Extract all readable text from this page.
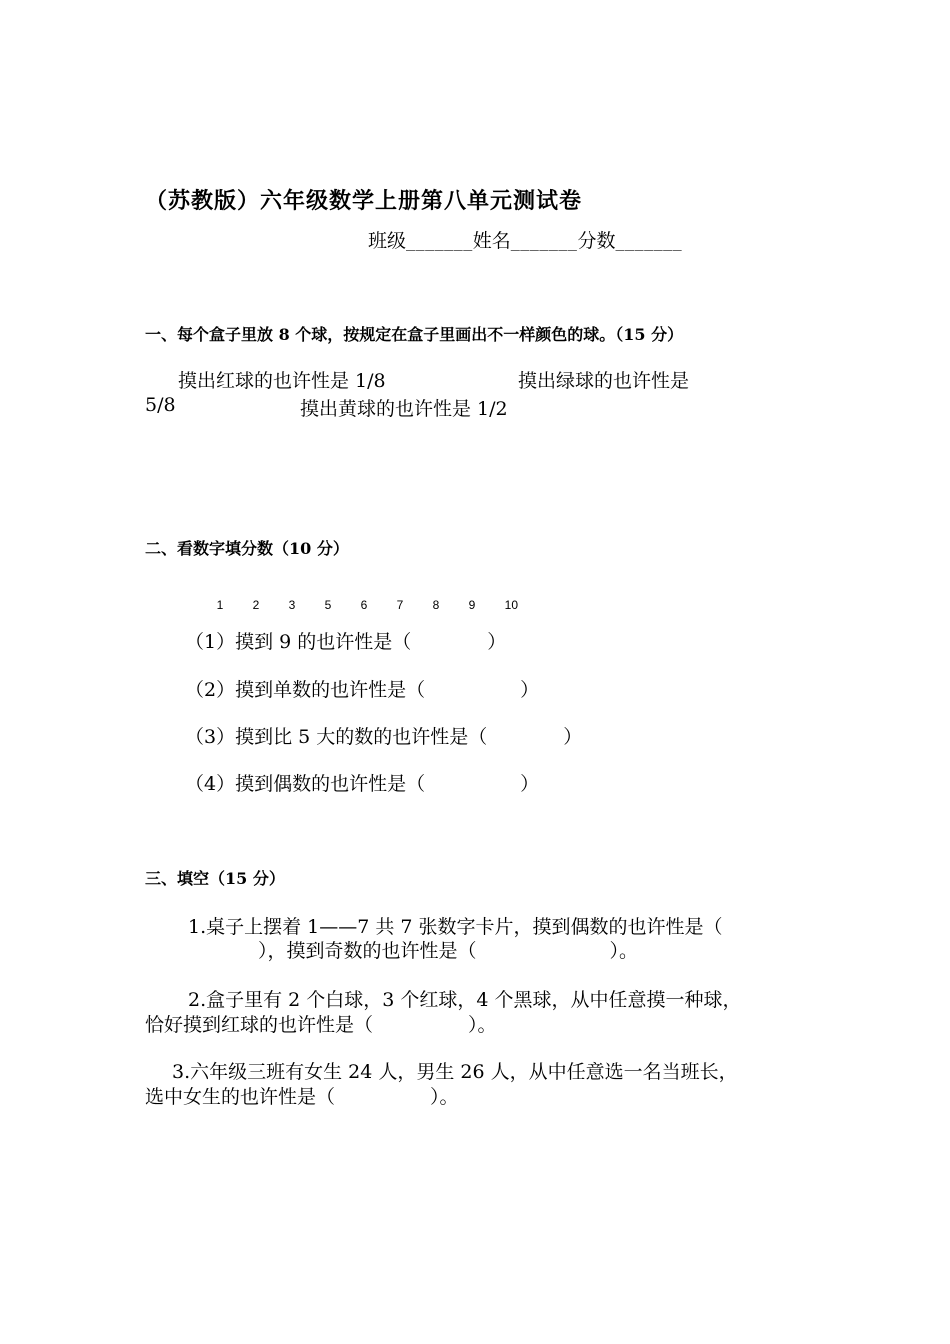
（苏教版）六年级数学上册第八单元测试卷
班级_______姓名_______分数_______
一、每个盒子里放 8 个球，按规定在盒子里画出不一样颜色的球。（15 分）
摸出红球的也许性是 1/8	摸出绿球的也许性是
5/8	摸出黄球的也许性是 1/2
二、看数字填分数（10 分）

1 2 3 5 6 7 8 9 10

（1）摸到 9 的也许性是（　　　　）
（2）摸到单数的也许性是（　　　　　）
（3）摸到比 5 大的数的也许性是（　　　　）
（4）摸到偶数的也许性是（　　　　　）
三、填空（15 分）
1.桌子上摆着 1——7 共 7 张数字卡片，摸到偶数的也许性是（
），摸到奇数的也许性是（　　　　　　　）。
2.盒子里有 2 个白球，3 个红球，4 个黑球，从中任意摸一种球，
恰好摸到红球的也许性是（　　　　　）。
3.六年级三班有女生 24 人，男生 26 人，从中任意选一名当班长，
选中女生的也许性是（　　　　　）。
